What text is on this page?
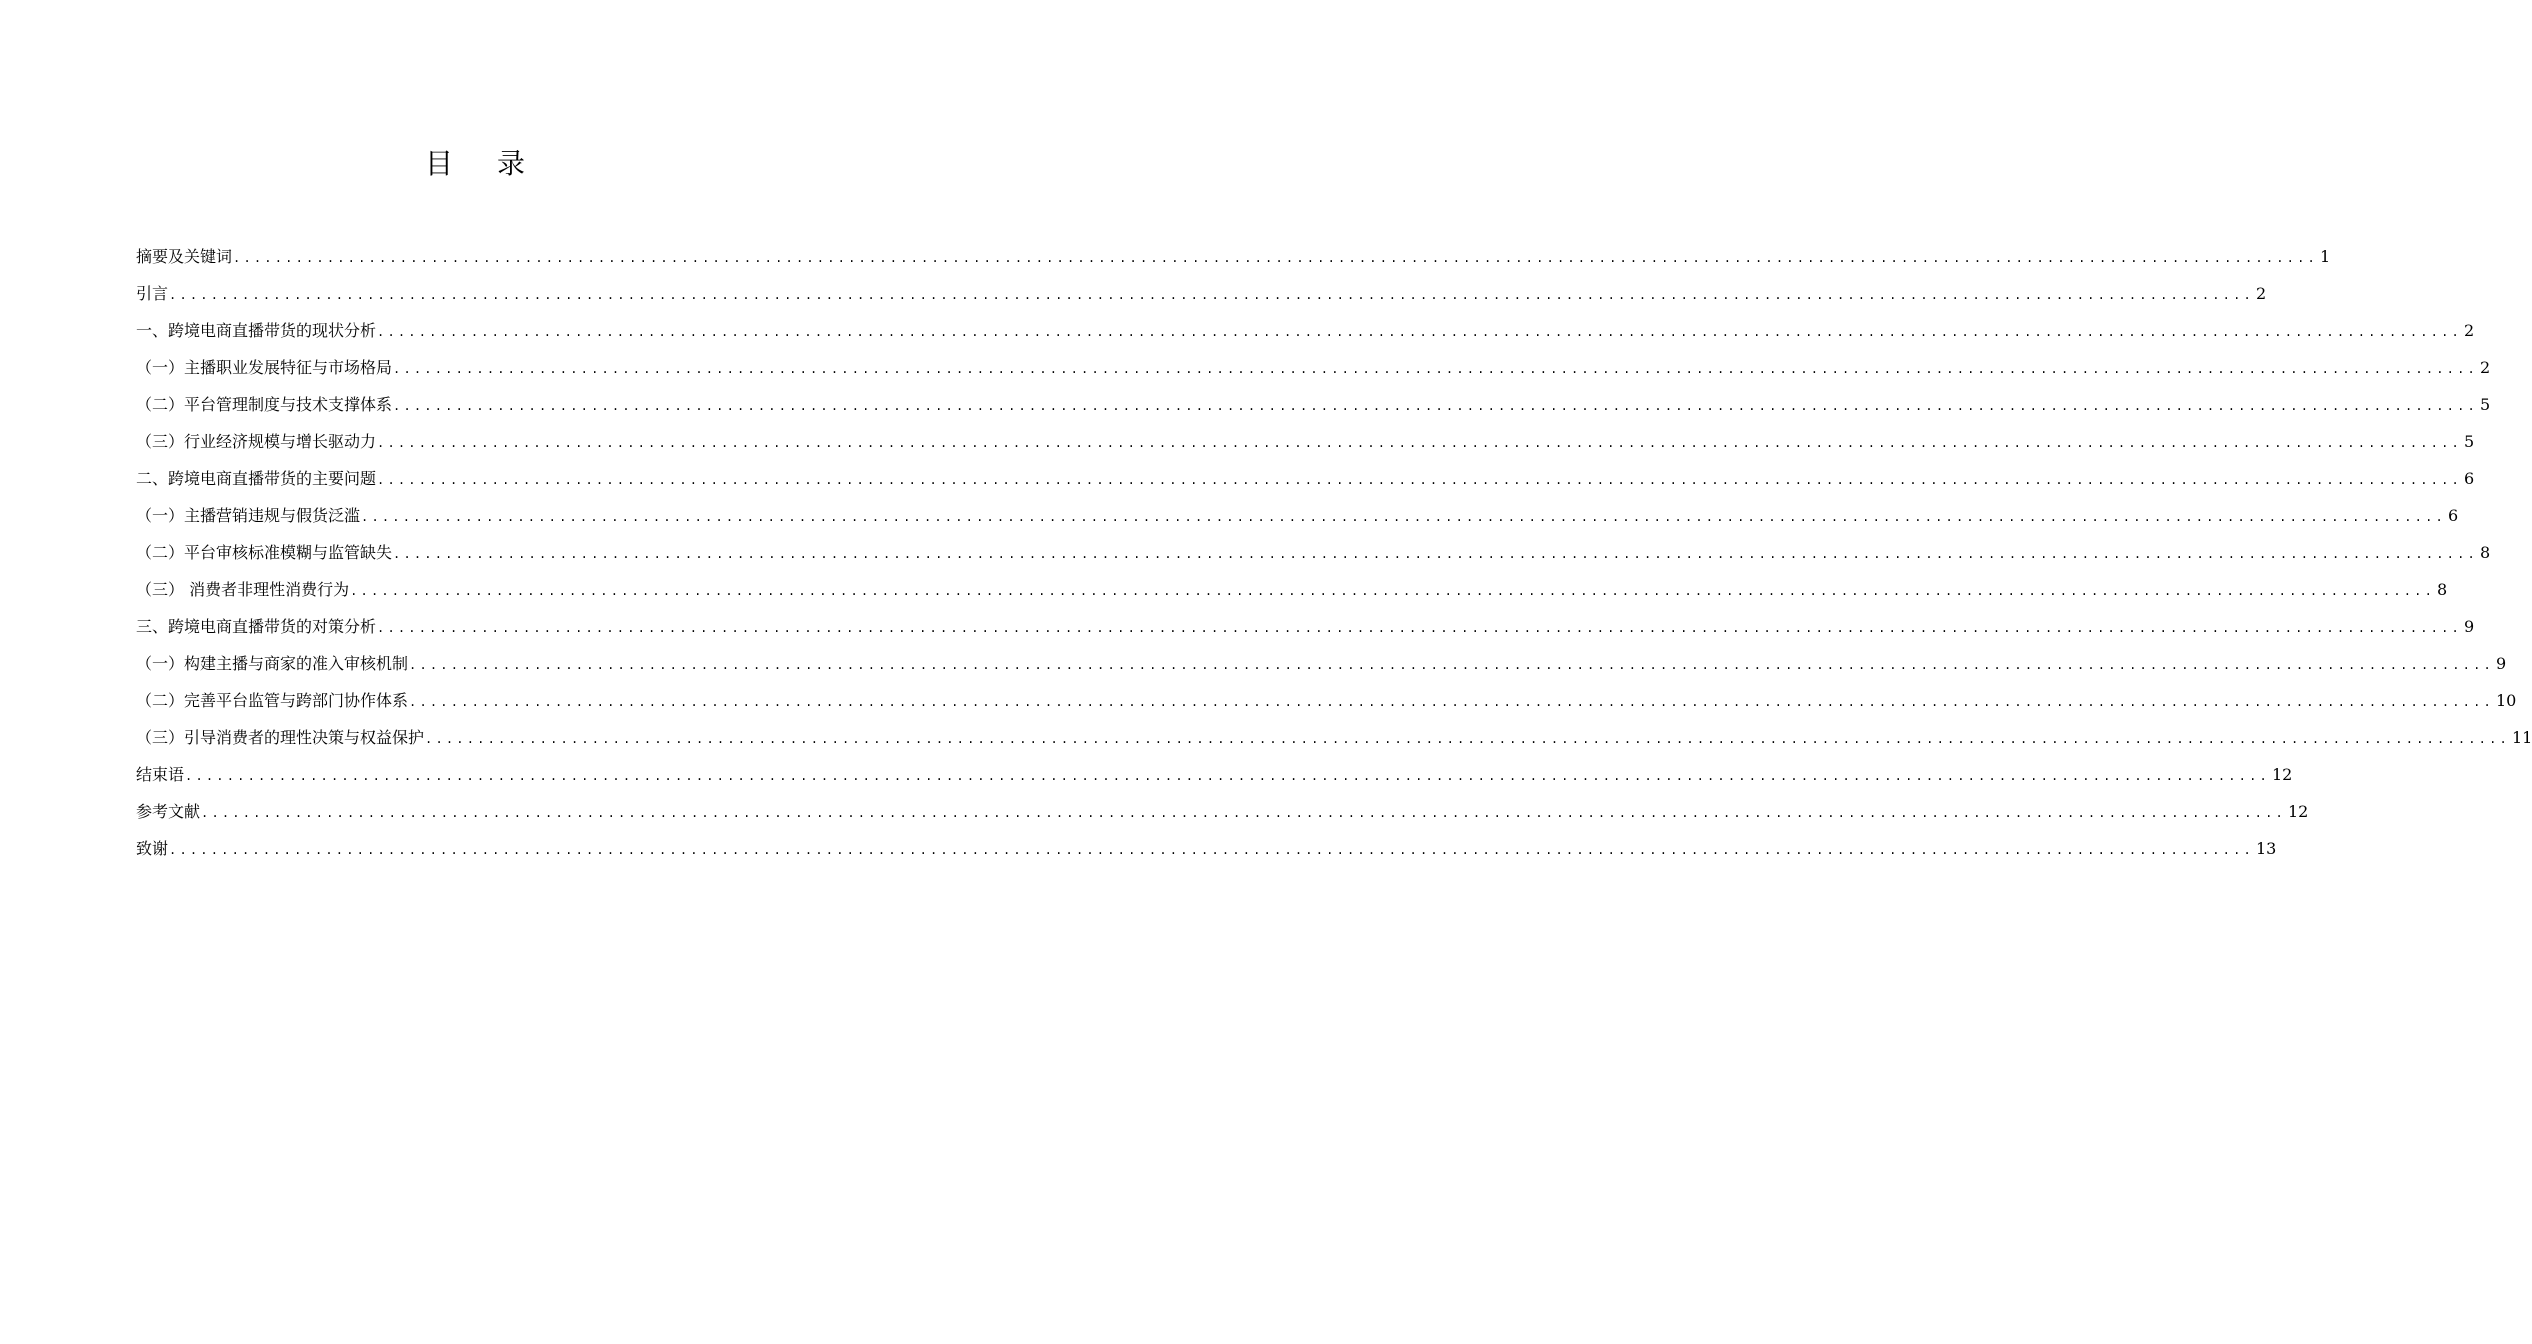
目 录
摘要及关键词 ........................................................................................................................................................................................................ 1
引言 ........................................................................................................................................................................................................ 2
一、跨境电商直播带货的现状分析 ........................................................................................................................................................................................................ 2
（一）主播职业发展特征与市场格局 ........................................................................................................................................................................................................ 2
（二）平台管理制度与技术支撑体系 ........................................................................................................................................................................................................ 5
（三）行业经济规模与增长驱动力 ........................................................................................................................................................................................................ 5
二、跨境电商直播带货的主要问题 ........................................................................................................................................................................................................ 6
（一）主播营销违规与假货泛滥 ........................................................................................................................................................................................................ 6
（二）平台审核标准模糊与监管缺失 ........................................................................................................................................................................................................ 8
（三） 消费者非理性消费行为 ........................................................................................................................................................................................................ 8
三、跨境电商直播带货的对策分析 ........................................................................................................................................................................................................ 9
（一）构建主播与商家的准入审核机制 ........................................................................................................................................................................................................ 9
（二）完善平台监管与跨部门协作体系 ........................................................................................................................................................................................................ 10
（三）引导消费者的理性决策与权益保护 ........................................................................................................................................................................................................ 11
结束语 ........................................................................................................................................................................................................ 12
参考文献 ........................................................................................................................................................................................................ 12
致谢 ........................................................................................................................................................................................................ 13
